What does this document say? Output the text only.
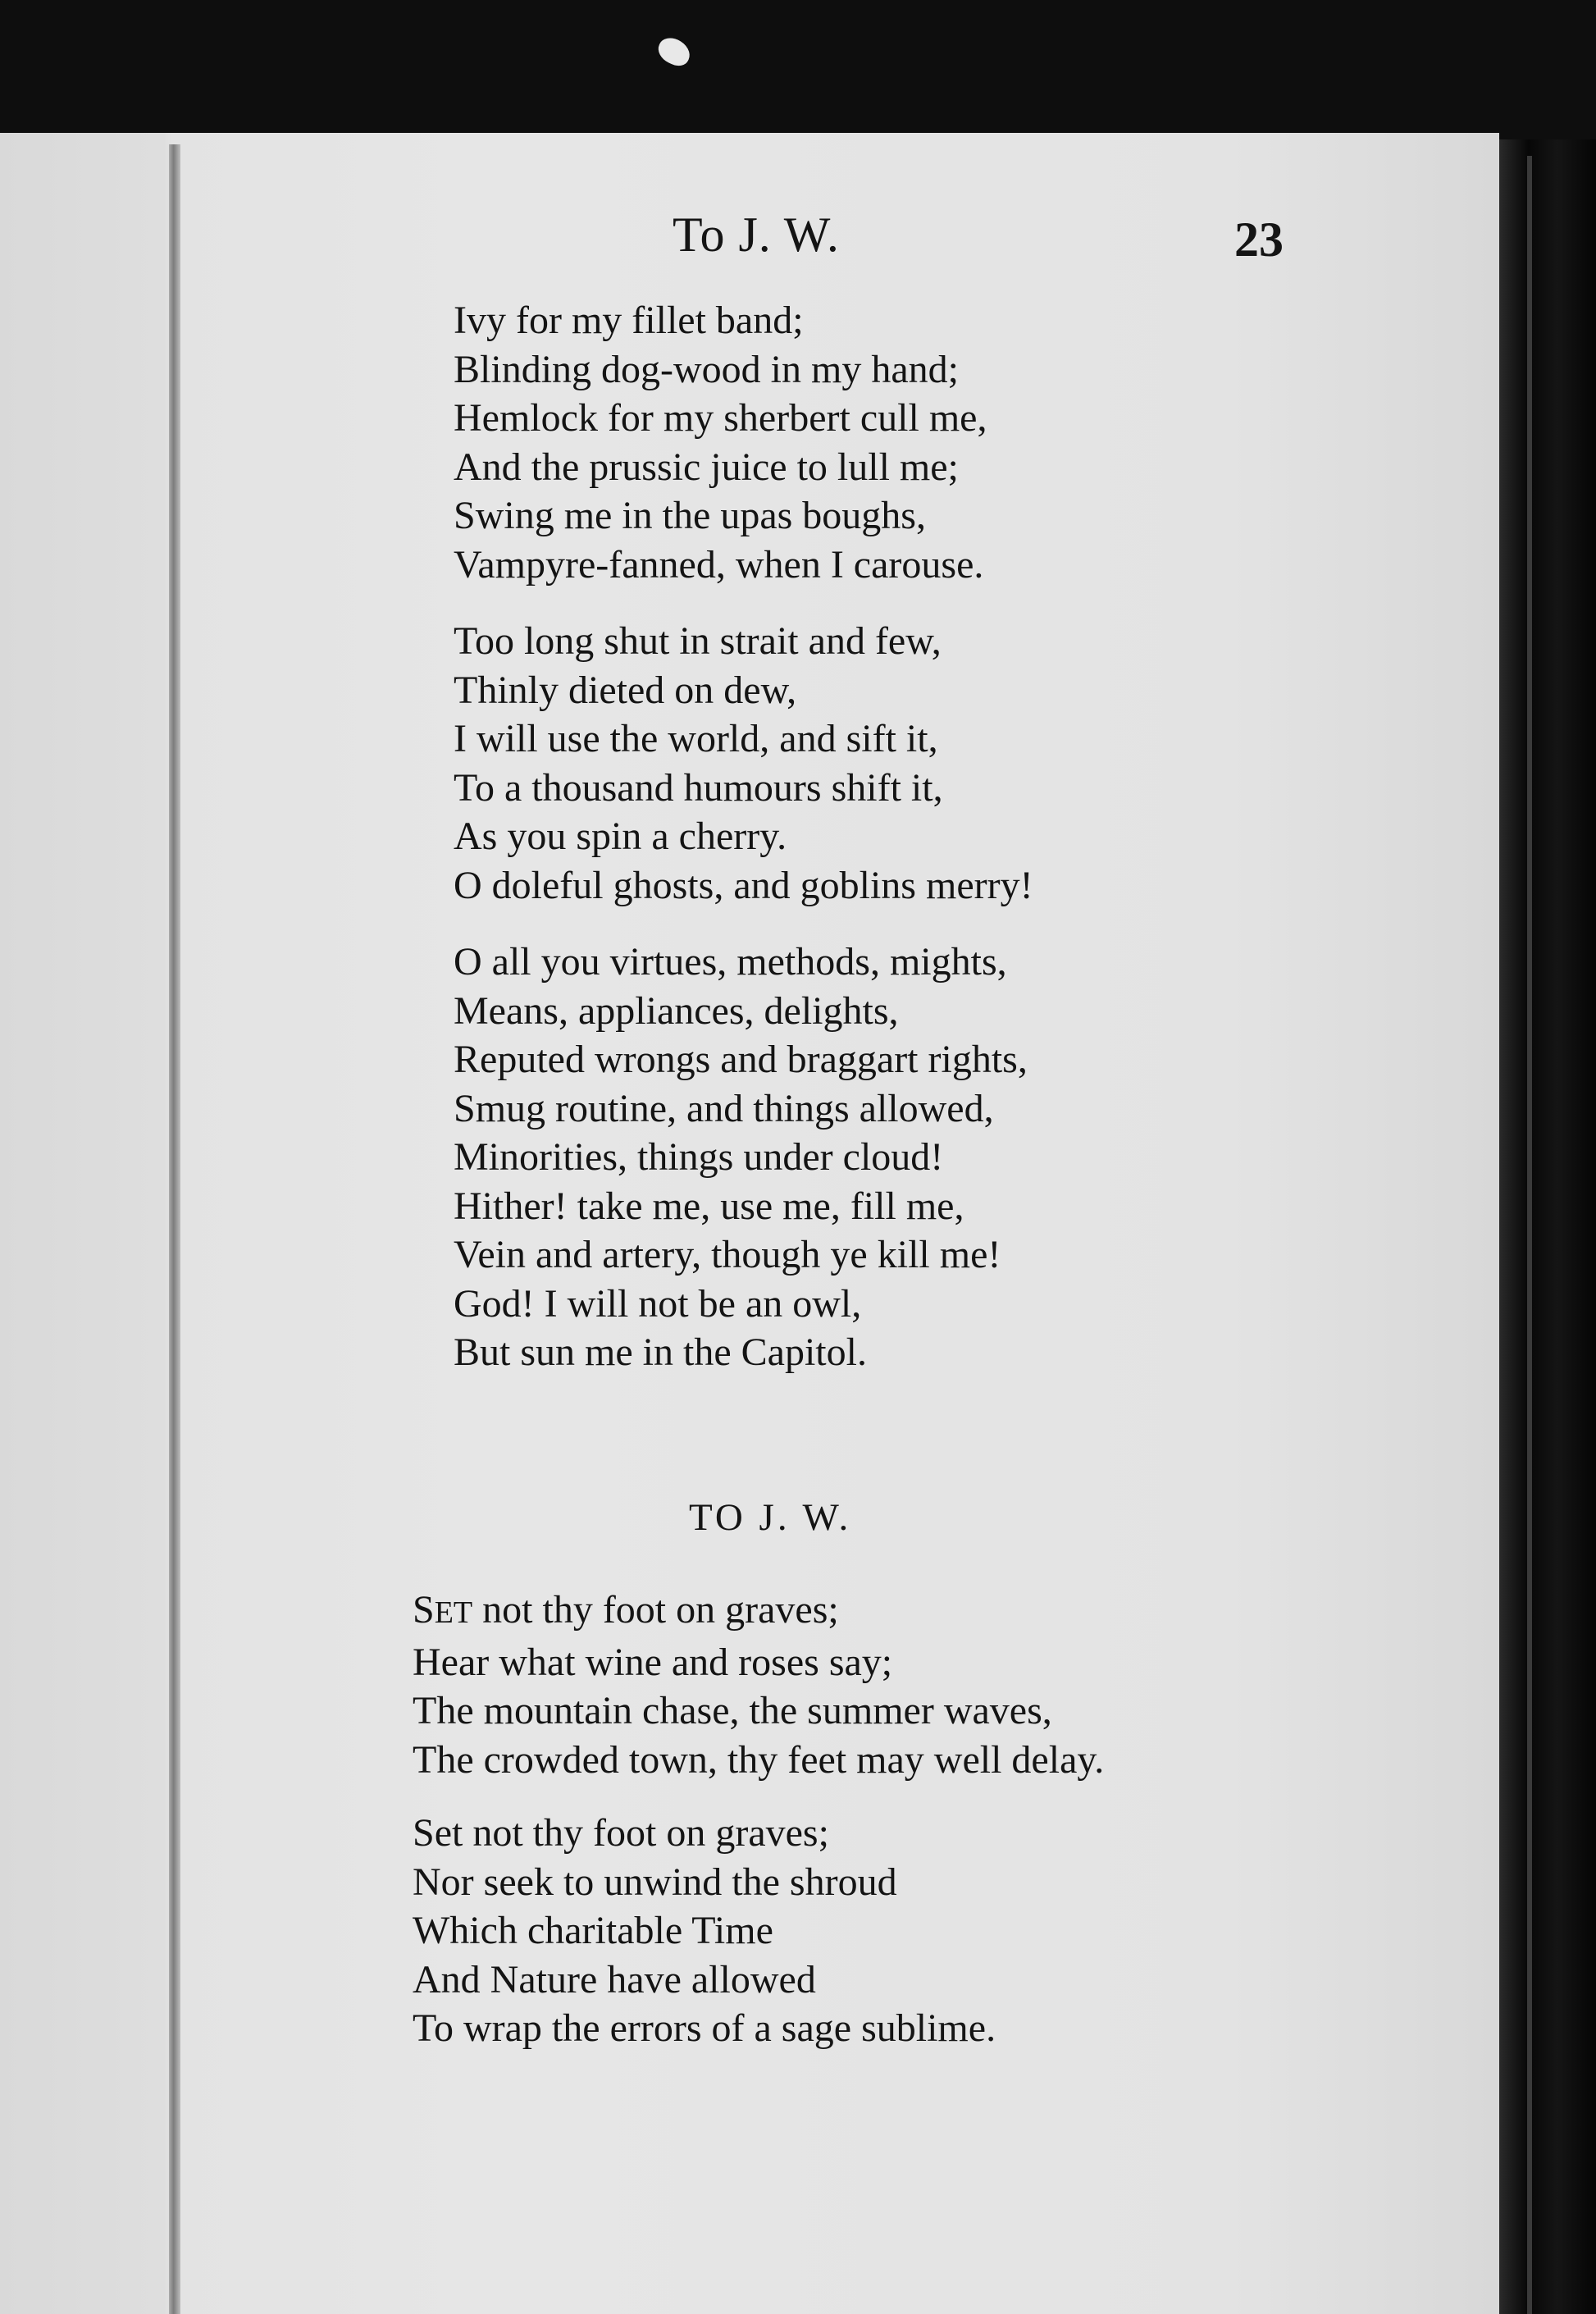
To J. W.	23
Ivy for my fillet band;
Blinding dog-wood in my hand;
Hemlock for my sherbert cull me,
And the prussic juice to lull me;
Swing me in the upas boughs,
Vampyre-fanned, when I carouse.
Too long shut in strait and few,
Thinly dieted on dew,
I will use the world, and sift it,
To a thousand humours shift it,
As you spin a cherry.
O doleful ghosts, and goblins merry!
O all you virtues, methods, mights,
Means, appliances, delights,
Reputed wrongs and braggart rights,
Smug routine, and things allowed,
Minorities, things under cloud!
Hither! take me, use me, fill me,
Vein and artery, though ye kill me!
God! I will not be an owl,
But sun me in the Capitol.
TO J. W.
SET not thy foot on graves;
Hear what wine and roses say;
The mountain chase, the summer waves,
The crowded town, thy feet may well delay.
Set not thy foot on graves;
Nor seek to unwind the shroud
Which charitable Time
And Nature have allowed
To wrap the errors of a sage sublime.
